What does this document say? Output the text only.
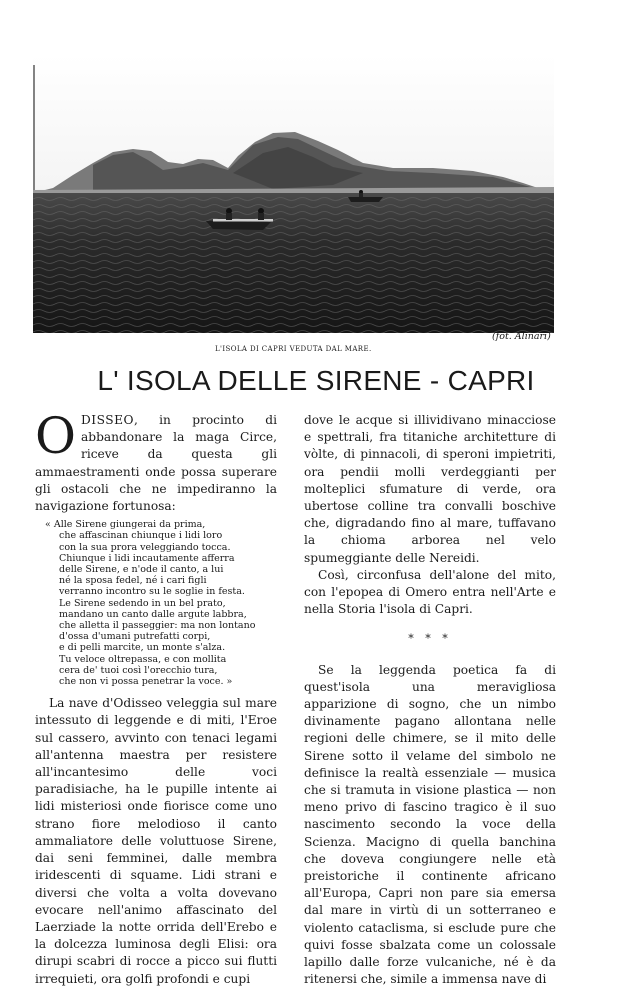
(fot. Alinari)
L'ISOLA DI CAPRI VEDUTA DAL MARE.
L' ISOLA DELLE SIRENE - CAPRI

ODISSEO, in procinto di abbandonare la maga Circe, riceve da questa gli ammaestramenti onde possa superare gli ostacoli che ne impediranno la navigazione fortunosa:

« Alle Sirene giungerai da prima,
che affascinan chiunque i lidi loro
con la sua prora veleggiando tocca.
Chiunque i lidi incautamente afferra
delle Sirene, e n'ode il canto, a lui
né la sposa fedel, né i cari figli
verranno incontro su le soglie in festa.
Le Sirene sedendo in un bel prato,
mandano un canto dalle argute labbra,
che alletta il passeggier: ma non lontano
d'ossa d'umani putrefatti corpi,
e di pelli marcite, un monte s'alza.
Tu veloce oltrepassa, e con mollita
cera de' tuoi così l'orecchio tura,
che non vi possa penetrar la voce. »

La nave d'Odisseo veleggia sul mare intessuto di leggende e di miti, l'Eroe sul cassero, avvinto con tenaci legami all'antenna maestra per resistere all'incantesimo delle voci paradisiache, ha le pupille intente ai lidi misteriosi onde fiorisce come uno strano fiore melodioso il canto ammaliatore delle voluttuose Sirene, dai seni femminei, dalle membra iridescenti di squame. Lidi strani e diversi che volta a volta dovevano evocare nell'animo affascinato del Laerziade la notte orrida dell'Erebo e la dolcezza luminosa degli Elisi: ora dirupi scabri di rocce a picco sui flutti irrequieti, ora golfi profondi e cupi

dove le acque si illividivano minacciose e spettrali, fra titaniche architetture di vòlte, di pinnacoli, di speroni impietriti, ora pendii molli verdeggianti per molteplici sfumature di verde, ora ubertose colline tra convalli boschive che, digradando fino al mare, tuffavano la chioma arborea nel velo spumeggiante delle Nereidi.

Così, circonfusa dell'alone del mito, con l'epopea di Omero entra nell'Arte e nella Storia l'isola di Capri.

* * *

Se la leggenda poetica fa di quest'isola una meravigliosa apparizione di sogno, che un nimbo divinamente pagano allontana nelle regioni delle chimere, se il mito delle Sirene sotto il velame del simbolo ne definisce la realtà essenziale — musica che si tramuta in visione plastica — non meno privo di fascino tragico è il suo nascimento secondo la voce della Scienza. Macigno di quella banchina che doveva congiungere nelle età preistoriche il continente africano all'Europa, Capri non pare sia emersa dal mare in virtù di un sotterraneo e violento cataclisma, si esclude pure che quivi fosse sbalzata come un colossale lapillo dalle forze vulcaniche, né è da ritenersi che, simile a immensa nave di
